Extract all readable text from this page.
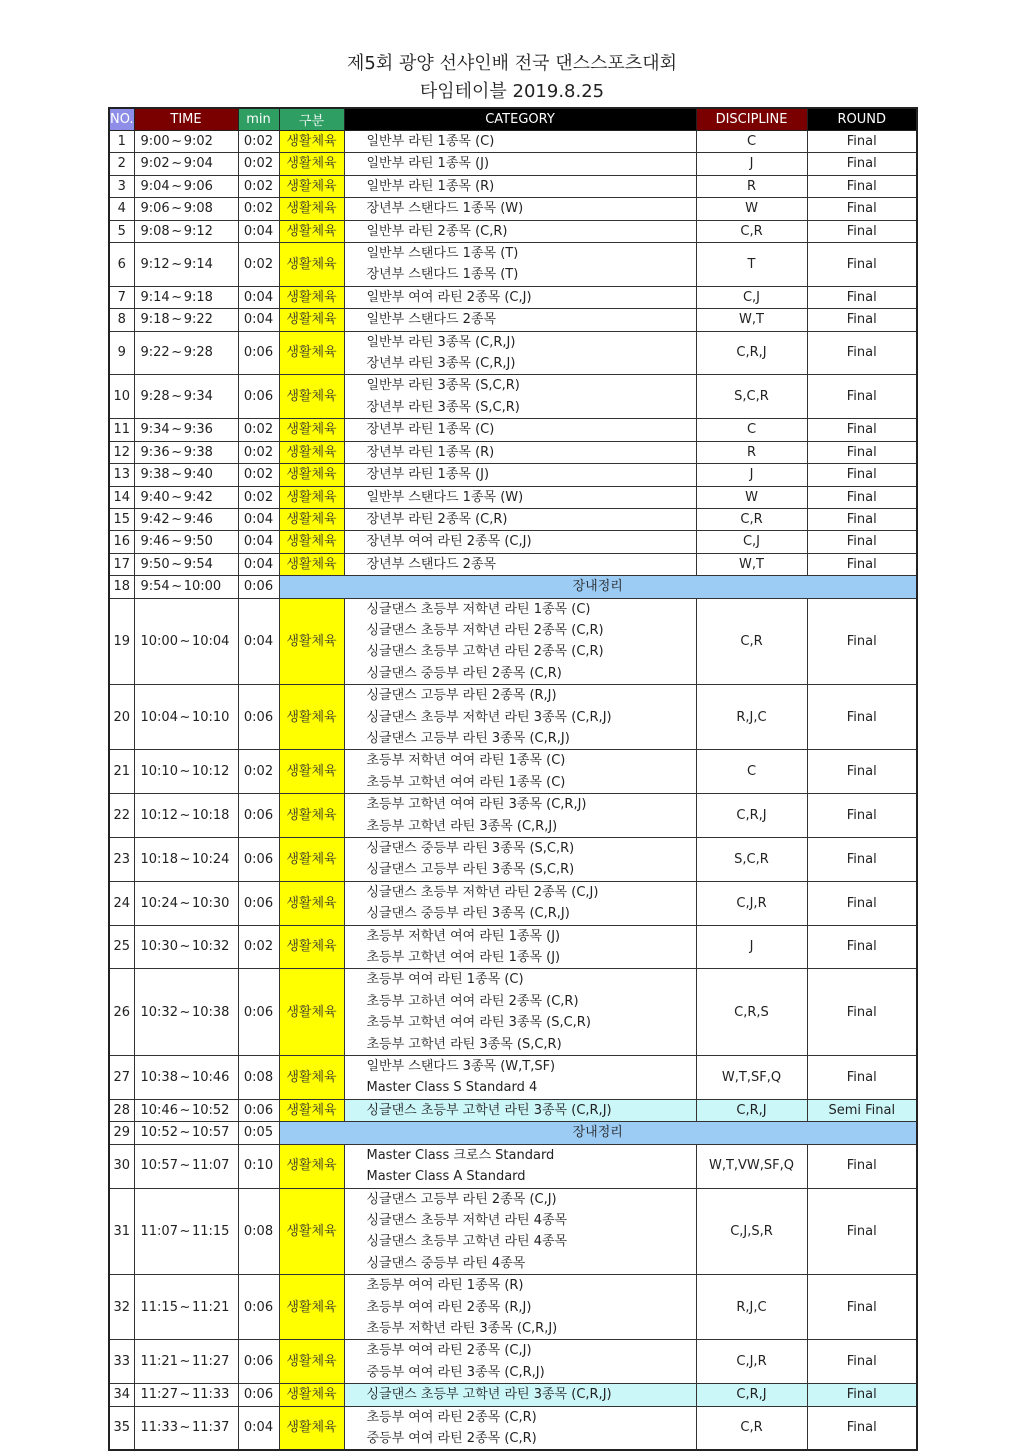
제5회 광양 선샤인배 전국 댄스스포츠대회
타임테이블 2019.8.25
NO.	TIME	min	구분	CATEGORY	DISCIPLINE	ROUND
1	9:00 ~ 9:02	0:02	생활체육	일반부 라틴 1종목 (C)	C	Final
2	9:02 ~ 9:04	0:02	생활체육	일반부 라틴 1종목 (J)	J	Final
3	9:04 ~ 9:06	0:02	생활체육	일반부 라틴 1종목 (R)	R	Final
4	9:06 ~ 9:08	0:02	생활체육	장년부 스탠다드 1종목 (W)	W	Final
5	9:08 ~ 9:12	0:04	생활체육	일반부 라틴 2종목 (C,R)	C,R	Final
6	9:12 ~ 9:14	0:02	생활체육	일반부 스탠다드 1종목 (T)
장년부 스탠다드 1종목 (T)	T	Final
7	9:14 ~ 9:18	0:04	생활체육	일반부 여여 라틴 2종목 (C,J)	C,J	Final
8	9:18 ~ 9:22	0:04	생활체육	일반부 스탠다드 2종목	W,T	Final
9	9:22 ~ 9:28	0:06	생활체육	일반부 라틴 3종목 (C,R,J)
장년부 라틴 3종목 (C,R,J)	C,R,J	Final
10	9:28 ~ 9:34	0:06	생활체육	일반부 라틴 3종목 (S,C,R)
장년부 라틴 3종목 (S,C,R)	S,C,R	Final
11	9:34 ~ 9:36	0:02	생활체육	장년부 라틴 1종목 (C)	C	Final
12	9:36 ~ 9:38	0:02	생활체육	장년부 라틴 1종목 (R)	R	Final
13	9:38 ~ 9:40	0:02	생활체육	장년부 라틴 1종목 (J)	J	Final
14	9:40 ~ 9:42	0:02	생활체육	일반부 스탠다드 1종목 (W)	W	Final
15	9:42 ~ 9:46	0:04	생활체육	장년부 라틴 2종목 (C,R)	C,R	Final
16	9:46 ~ 9:50	0:04	생활체육	장년부 여여 라틴 2종목 (C,J)	C,J	Final
17	9:50 ~ 9:54	0:04	생활체육	장년부 스탠다드 2종목	W,T	Final
18	9:54 ~ 10:00	0:06	장내정리			
19	10:00 ~ 10:04	0:04	생활체육	싱글댄스 초등부 저학년 라틴 1종목 (C)
싱글댄스 초등부 저학년 라틴 2종목 (C,R)
싱글댄스 초등부 고학년 라틴 2종목 (C,R)
싱글댄스 중등부 라틴 2종목 (C,R)	C,R	Final
20	10:04 ~ 10:10	0:06	생활체육	싱글댄스 고등부 라틴 2종목 (R,J)
싱글댄스 초등부 저학년 라틴 3종목 (C,R,J)
싱글댄스 고등부 라틴 3종목 (C,R,J)	R,J,C	Final
21	10:10 ~ 10:12	0:02	생활체육	초등부 저학년 여여 라틴 1종목 (C)
초등부 고학년 여여 라틴 1종목 (C)	C	Final
22	10:12 ~ 10:18	0:06	생활체육	초등부 고학년 여여 라틴 3종목 (C,R,J)
초등부 고학년 라틴 3종목 (C,R,J)	C,R,J	Final
23	10:18 ~ 10:24	0:06	생활체육	싱글댄스 중등부 라틴 3종목 (S,C,R)
싱글댄스 고등부 라틴 3종목 (S,C,R)	S,C,R	Final
24	10:24 ~ 10:30	0:06	생활체육	싱글댄스 초등부 저학년 라틴 2종목 (C,J)
싱글댄스 중등부 라틴 3종목 (C,R,J)	C,J,R	Final
25	10:30 ~ 10:32	0:02	생활체육	초등부 저학년 여여 라틴 1종목 (J)
초등부 고학년 여여 라틴 1종목 (J)	J	Final
26	10:32 ~ 10:38	0:06	생활체육	초등부 여여 라틴 1종목 (C)
초등부 고하년 여여 라틴 2종목 (C,R)
초등부 고학년 여여 라틴 3종목 (S,C,R)
초등부 고학년 라틴 3종목 (S,C,R)	C,R,S	Final
27	10:38 ~ 10:46	0:08	생활체육	일반부 스탠다드 3종목 (W,T,SF)
Master Class S Standard 4	W,T,SF,Q	Final
28	10:46 ~ 10:52	0:06	생활체육	싱글댄스 초등부 고학년 라틴 3종목 (C,R,J)	C,R,J	Semi Final
29	10:52 ~ 10:57	0:05	장내정리			
30	10:57 ~ 11:07	0:10	생활체육	Master Class 크로스 Standard
Master Class A Standard	W,T,VW,SF,Q	Final
31	11:07 ~ 11:15	0:08	생활체육	싱글댄스 고등부 라틴 2종목 (C,J)
싱글댄스 초등부 저학년 라틴 4종목
싱글댄스 초등부 고학년 라틴 4종목
싱글댄스 중등부 라틴 4종목	C,J,S,R	Final
32	11:15 ~ 11:21	0:06	생활체육	초등부 여여 라틴 1종목 (R)
초등부 여여 라틴 2종목 (R,J)
초등부 저학년 라틴 3종목 (C,R,J)	R,J,C	Final
33	11:21 ~ 11:27	0:06	생활체육	초등부 여여 라틴 2종목 (C,J)
중등부 여여 라틴 3종목 (C,R,J)	C,J,R	Final
34	11:27 ~ 11:33	0:06	생활체육	싱글댄스 초등부 고학년 라틴 3종목 (C,R,J)	C,R,J	Final
35	11:33 ~ 11:37	0:04	생활체육	초등부 여여 라틴 2종목 (C,R)
중등부 여여 라틴 2종목 (C,R)	C,R	Final
